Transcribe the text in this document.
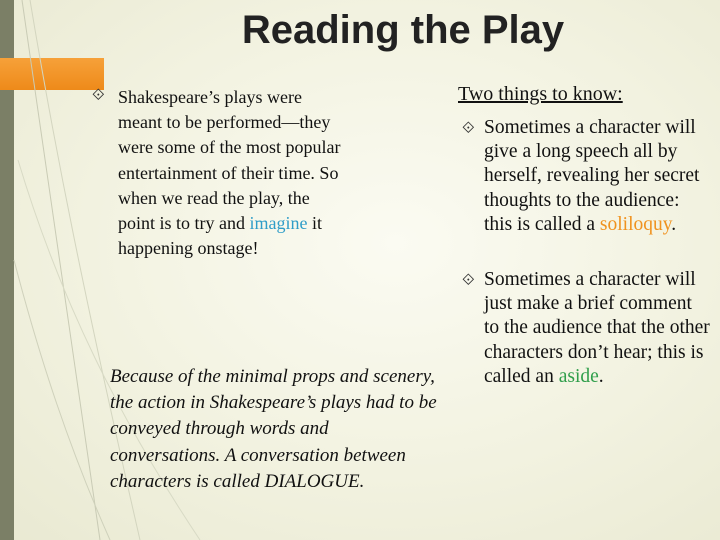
Reading the Play
⟐ Shakespeare’s plays were meant to be performed—they were some of the most popular entertainment of their time. So when we read the play, the point is to try and imagine it happening onstage!
Because of the minimal props and scenery, the action in Shakespeare’s plays had to be conveyed through words and conversations. A conversation between characters is called DIALOGUE.
Two things to know:
⟐ Sometimes a character will give a long speech all by herself, revealing her secret thoughts to the audience: this is called a soliloquy.
⟐ Sometimes a character will just make a brief comment to the audience that the other characters don’t hear; this is called an aside.
